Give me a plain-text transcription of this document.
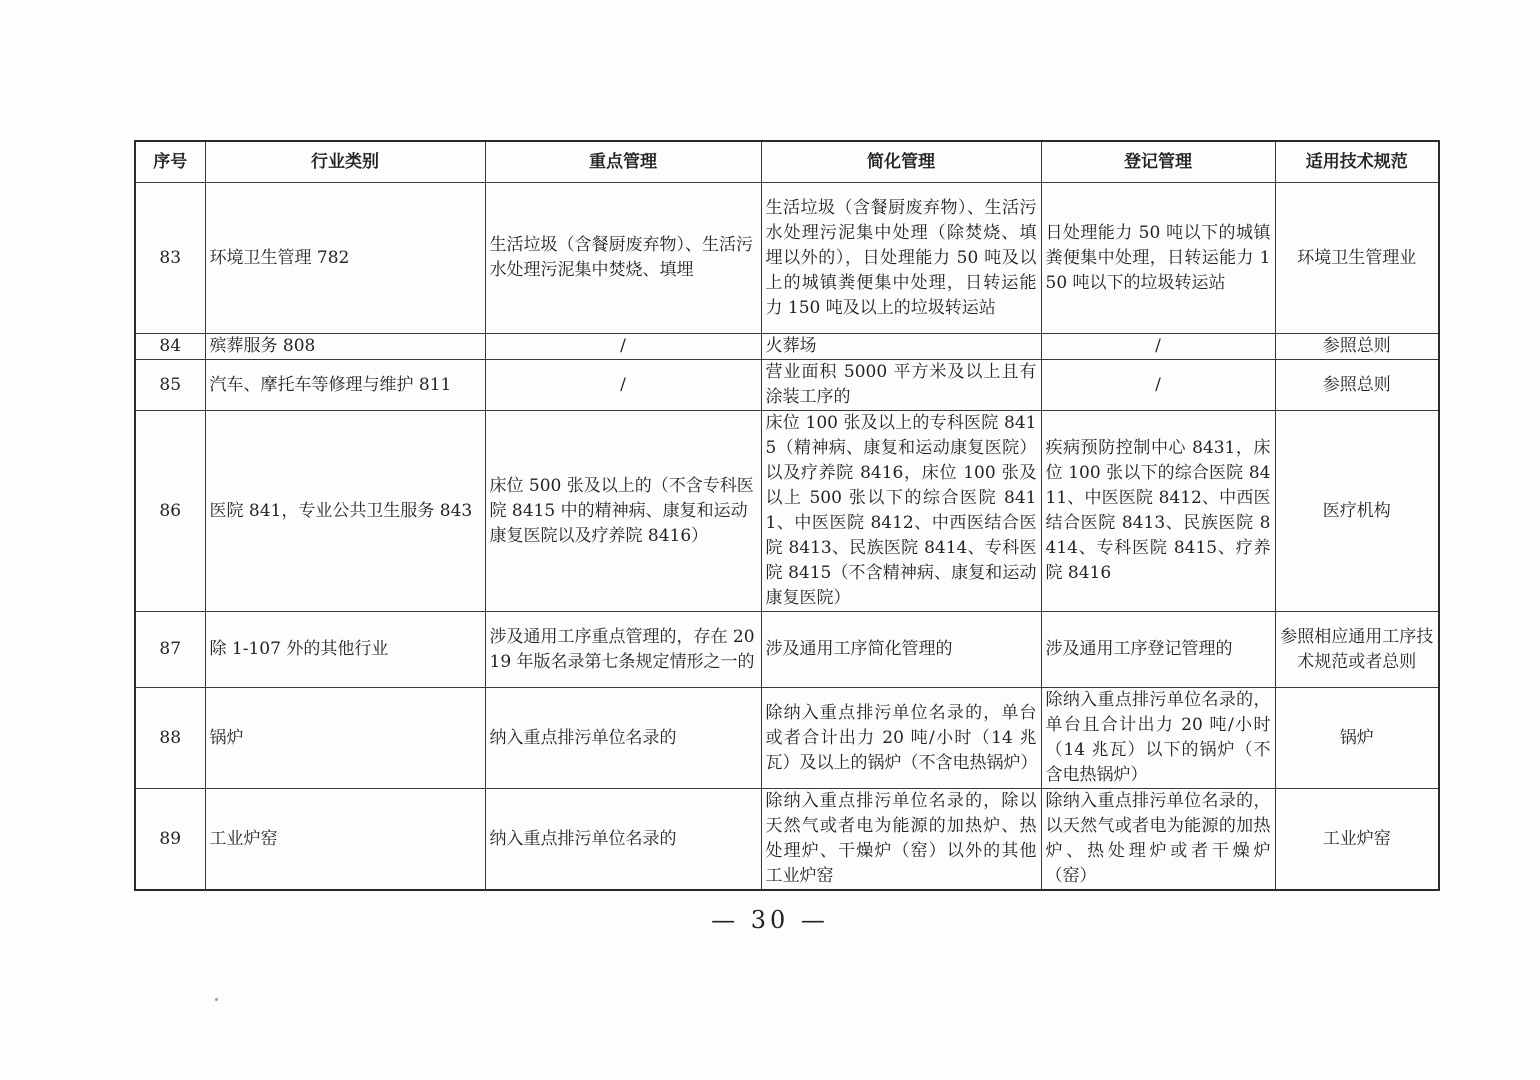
序号	行业类别	重点管理	简化管理	登记管理	适用技术规范
83	环境卫生管理 782	生活垃圾（含餐厨废弃物）、生活污水处理污泥集中焚烧、填埋	生活垃圾（含餐厨废弃物）、生活污水处理污泥集中处理（除焚烧、填埋以外的），日处理能力 50 吨及以上的城镇粪便集中处理，日转运能力 150 吨及以上的垃圾转运站	日处理能力 50 吨以下的城镇粪便集中处理，日转运能力 150 吨以下的垃圾转运站	环境卫生管理业
84	殡葬服务 808	/	火葬场	/	参照总则
85	汽车、摩托车等修理与维护 811	/	营业面积 5000 平方米及以上且有涂装工序的	/	参照总则
86	医院 841，专业公共卫生服务 843	床位 500 张及以上的（不含专科医院 8415 中的精神病、康复和运动康复医院以及疗养院 8416）	床位 100 张及以上的专科医院 8415（精神病、康复和运动康复医院）以及疗养院 8416，床位 100 张及以上 500 张以下的综合医院 8411、中医医院 8412、中西医结合医院 8413、民族医院 8414、专科医院 8415（不含精神病、康复和运动康复医院）	疾病预防控制中心 8431，床位 100 张以下的综合医院 8411、中医医院 8412、中西医结合医院 8413、民族医院 8414、专科医院 8415、疗养院 8416	医疗机构
87	除 1-107 外的其他行业	涉及通用工序重点管理的，存在 2019 年版名录第七条规定情形之一的	涉及通用工序简化管理的	涉及通用工序登记管理的	参照相应通用工序技术规范或者总则
88	锅炉	纳入重点排污单位名录的	除纳入重点排污单位名录的，单台或者合计出力 20 吨/小时（14 兆瓦）及以上的锅炉（不含电热锅炉）	除纳入重点排污单位名录的，单台且合计出力 20 吨/小时（14 兆瓦）以下的锅炉（不含电热锅炉）	锅炉
89	工业炉窑	纳入重点排污单位名录的	除纳入重点排污单位名录的，除以天然气或者电为能源的加热炉、热处理炉、干燥炉（窑）以外的其他工业炉窑	除纳入重点排污单位名录的，以天然气或者电为能源的加热炉、热处理炉或者干燥炉（窑）	工业炉窑
— 30 —
